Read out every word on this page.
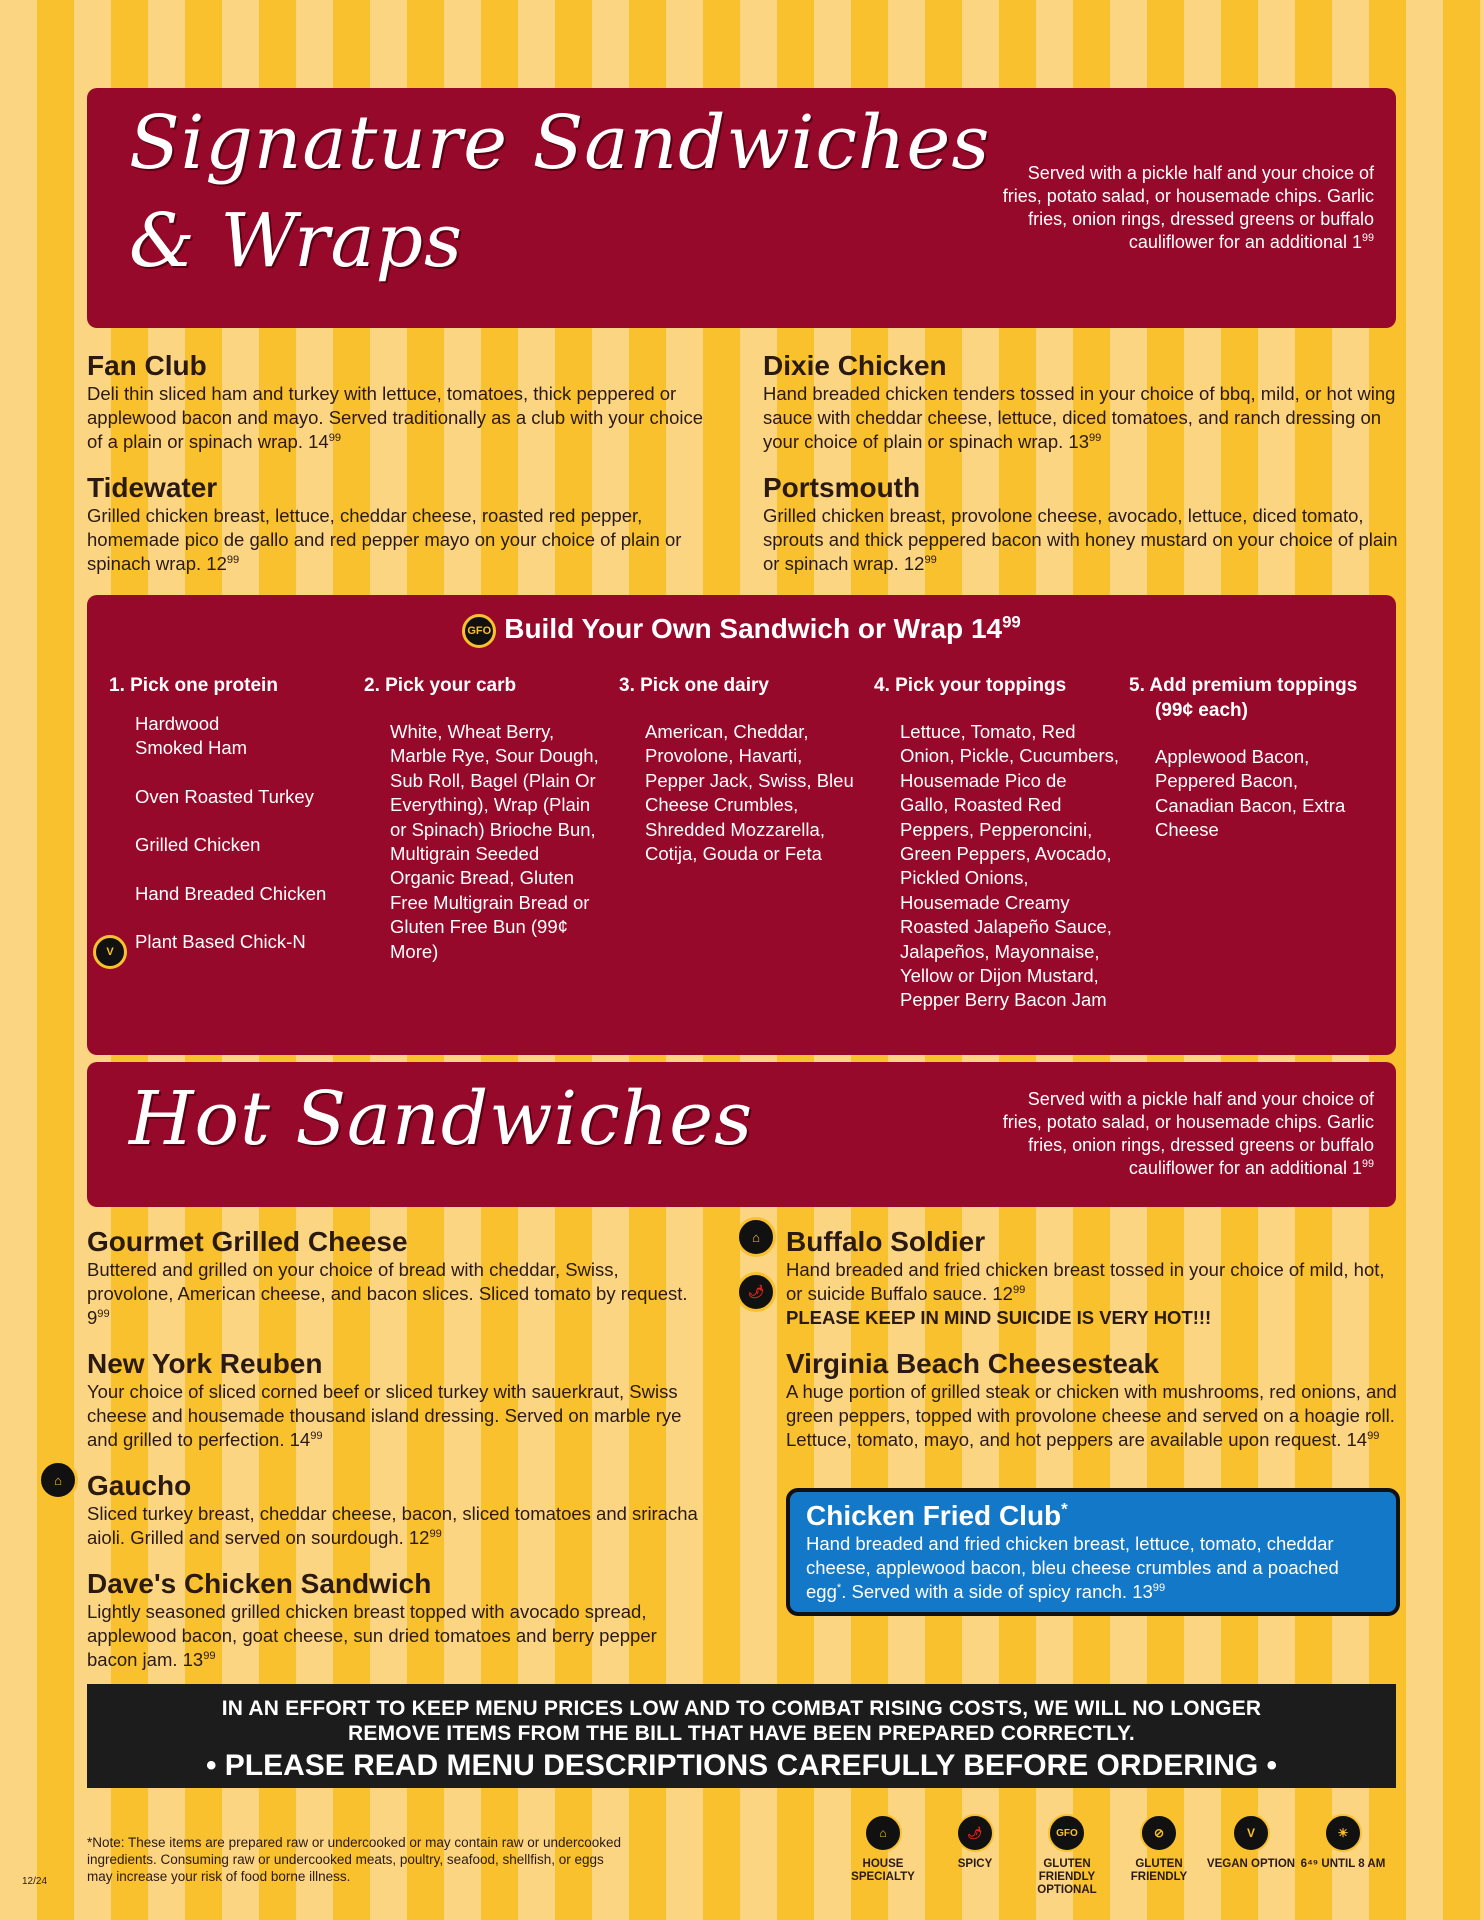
Signature Sandwiches
& Wraps
Served with a pickle half and your choice of fries, potato salad, or housemade chips. Garlic fries, onion rings, dressed greens or buffalo cauliflower for an additional $1^{99}$
Fan Club

Deli thin sliced ham and turkey with lettuce, tomatoes, thick peppered or applewood bacon and mayo. Served traditionally as a club with your choice of a plain or spinach wrap. $14^{99}$

Dixie Chicken

Hand breaded chicken tenders tossed in your choice of bbq, mild, or hot wing sauce with cheddar cheese, lettuce, diced tomatoes, and ranch dressing on your choice of plain or spinach wrap. $13^{99}$

Tidewater

Grilled chicken breast, lettuce, cheddar cheese, roasted red pepper, homemade pico de gallo and red pepper mayo on your choice of plain or spinach wrap. $12^{99}$

Portsmouth

Grilled chicken breast, provolone cheese, avocado, lettuce, diced tomato, sprouts and thick peppered bacon with honey mustard on your choice of plain or spinach wrap. $12^{99}$

GFO Build Your Own Sandwich or Wrap $14^{99}$
1. Pick one protein
Hardwood Smoked Ham
Oven Roasted Turkey
Grilled Chicken
Hand Breaded Chicken
Plant Based Chick-N
V
2. Pick your carb
White, Wheat Berry, Marble Rye, Sour Dough, Sub Roll, Bagel (Plain Or Everything), Wrap (Plain or Spinach) Brioche Bun, Multigrain Seeded Organic Bread, Gluten Free Multigrain Bread or Gluten Free Bun (99¢ More)
3. Pick one dairy
American, Cheddar, Provolone, Havarti, Pepper Jack, Swiss, Bleu Cheese Crumbles, Shredded Mozzarella, Cotija, Gouda or Feta
4. Pick your toppings
Lettuce, Tomato, Red Onion, Pickle, Cucumbers, Housemade Pico de Gallo, Roasted Red Peppers, Pepperoncini, Green Peppers, Avocado, Pickled Onions, Housemade Creamy Roasted Jalapeño Sauce, Jalapeños, Mayonnaise, Yellow or Dijon Mustard, Pepper Berry Bacon Jam
5. Add premium toppings (99¢ each)
Applewood Bacon, Peppered Bacon, Canadian Bacon, Extra Cheese
Hot Sandwiches	Served with a pickle half and your choice of fries, potato salad, or housemade chips. Garlic fries, onion rings, dressed greens or buffalo cauliflower for an additional $1^{99}$
Gourmet Grilled Cheese

Buttered and grilled on your choice of bread with cheddar, Swiss, provolone, American cheese, and bacon slices. Sliced tomato by request. $9^{99}$

New York Reuben

Your choice of sliced corned beef or sliced turkey with sauerkraut, Swiss cheese and housemade thousand island dressing. Served on marble rye and grilled to perfection. $14^{99}$

⌂ Gaucho

Sliced turkey breast, cheddar cheese, bacon, sliced tomatoes and sriracha aioli. Grilled and served on sourdough. $12^{99}$

Dave's Chicken Sandwich

Lightly seasoned grilled chicken breast topped with avocado spread, applewood bacon, goat cheese, sun dried tomatoes and berry pepper bacon jam. $13^{99}$

⌂
🌶
Buffalo Soldier

Hand breaded and fried chicken breast tossed in your choice of mild, hot, or suicide Buffalo sauce. $12^{99}$

PLEASE KEEP IN MIND SUICIDE IS VERY HOT!!!

Virginia Beach Cheesesteak

A huge portion of grilled steak or chicken with mushrooms, red onions, and green peppers, topped with provolone cheese and served on a hoagie roll. Lettuce, tomato, mayo, and hot peppers are available upon request. $14^{99}$

Chicken Fried Club*

Hand breaded and fried chicken breast, lettuce, tomato, cheddar cheese, applewood bacon, bleu cheese crumbles and a poached egg*. Served with a side of spicy ranch. $13^{99}$

IN AN EFFORT TO KEEP MENU PRICES LOW AND TO COMBAT RISING COSTS, WE WILL NO LONGER
REMOVE ITEMS FROM THE BILL THAT HAVE BEEN PREPARED CORRECTLY.
• PLEASE READ MENU DESCRIPTIONS CAREFULLY BEFORE ORDERING •
*Note: These items are prepared raw or undercooked or may contain raw or undercooked ingredients. Consuming raw or undercooked meats, poultry, seafood, shellfish, or eggs may increase your risk of food borne illness.
12/24
⌂
HOUSE SPECIALTY
🌶
SPICY
GFO
GLUTEN FRIENDLY OPTIONAL
⊘
GLUTEN FRIENDLY
V
VEGAN OPTION
☀
6⁴⁹ UNTIL 8 AM
